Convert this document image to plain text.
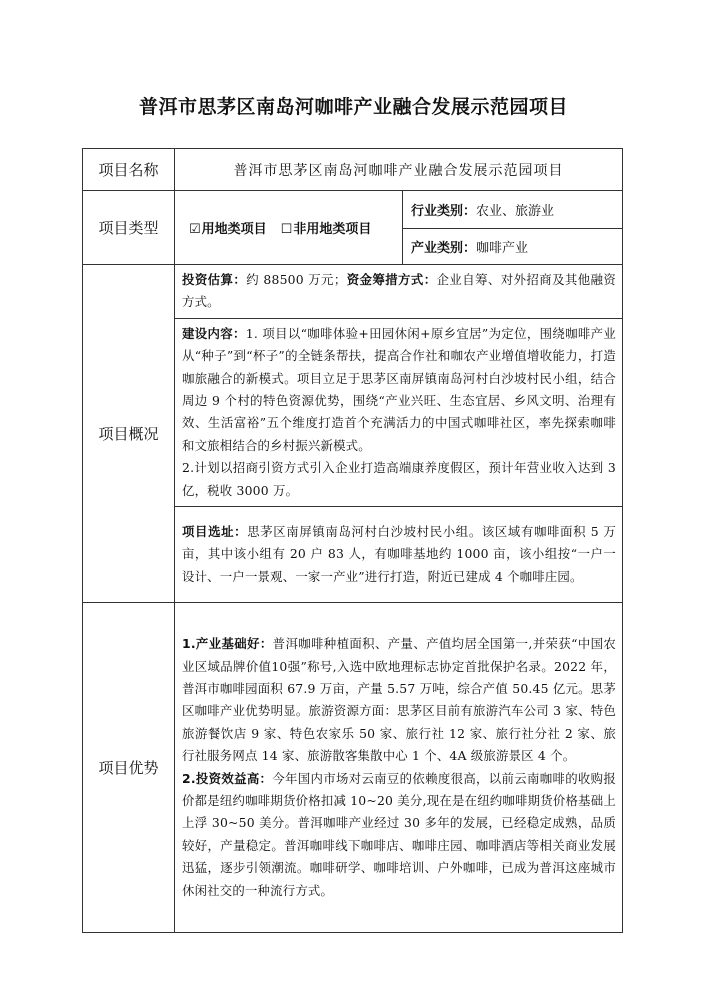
普洱市思茅区南岛河咖啡产业融合发展示范园项目
项目名称	普洱市思茅区南岛河咖啡产业融合发展示范园项目	
项目类型	☑用地类项目 ☐非用地类项目	行业类别：农业、旅游业
		产业类别：咖啡产业
项目概况	投资估算：约 88500 万元；资金筹措方式：企业自筹、对外招商及其他融资方式。	

	建设内容：1. 项目以“咖啡体验+田园休闲+原乡宜居”为定位，围绕咖啡产业从“种子”到“杯子”的全链条帮扶，提高合作社和咖农产业增值增收能力，打造咖旅融合的新模式。项目立足于思茅区南屏镇南岛河村白沙坡村民小组，结合周边 9 个村的特色资源优势，围绕“产业兴旺、生态宜居、乡风文明、治理有效、生活富裕”五个维度打造首个充满活力的中国式咖啡社区，率先探索咖啡和文旅相结合的乡村振兴新模式。

2.计划以招商引资方式引入企业打造高端康养度假区，预计年营业收入达到 3 亿，税收 3000 万。	

	项目选址：思茅区南屏镇南岛河村白沙坡村民小组。该区域有咖啡面积 5 万亩，其中该小组有 20 户 83 人，有咖啡基地约 1000 亩，该小组按“一户一设计、一户一景观、一家一产业”进行打造，附近已建成 4 个咖啡庄园。	

项目优势	1.产业基础好：普洱咖啡种植面积、产量、产值均居全国第一,并荣获“中国农业区域品牌价值10强”称号,入选中欧地理标志协定首批保护名录。2022 年，普洱市咖啡园面积 67.9 万亩，产量 5.57 万吨，综合产值 50.45 亿元。思茅区咖啡产业优势明显。旅游资源方面：思茅区目前有旅游汽车公司 3 家、特色旅游餐饮店 9 家、特色农家乐 50 家、旅行社 12 家、旅行社分社 2 家、旅行社服务网点 14 家、旅游散客集散中心 1 个、4A 级旅游景区 4 个。

2.投资效益高：今年国内市场对云南豆的依赖度很高，以前云南咖啡的收购报价都是纽约咖啡期货价格扣减 10~20 美分,现在是在纽约咖啡期货价格基础上上浮 30~50 美分。普洱咖啡产业经过 30 多年的发展，已经稳定成熟，品质较好，产量稳定。普洱咖啡线下咖啡店、咖啡庄园、咖啡酒店等相关商业发展迅猛，逐步引领潮流。咖啡研学、咖啡培训、户外咖啡，已成为普洱这座城市休闲社交的一种流行方式。	
